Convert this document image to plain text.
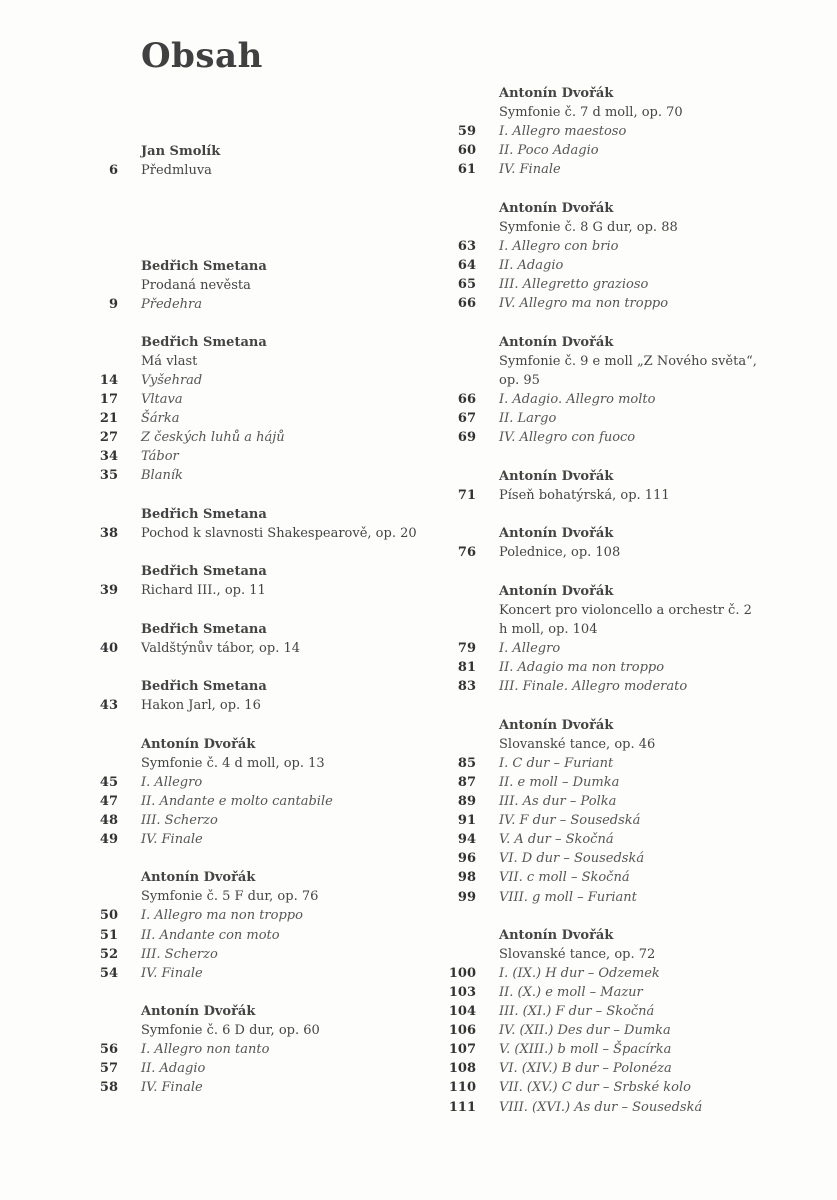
Obsah
Jan Smolík
6 Předmluva
Bedřich Smetana
Prodaná nevěsta
9 Předehra
Bedřich Smetana
Má vlast
14 Vyšehrad
17 Vltava
21 Šárka
27 Z českých luhů a hájů
34 Tábor
35 Blaník
Bedřich Smetana
38 Pochod k slavnosti Shakespearově, op. 20
Bedřich Smetana
39 Richard III., op. 11
Bedřich Smetana
40 Valdštýnův tábor, op. 14
Bedřich Smetana
43 Hakon Jarl, op. 16
Antonín Dvořák
Symfonie č. 4 d moll, op. 13
45 I. Allegro
47 II. Andante e molto cantabile
48 III. Scherzo
49 IV. Finale
Antonín Dvořák
Symfonie č. 5 F dur, op. 76
50 I. Allegro ma non troppo
51 II. Andante con moto
52 III. Scherzo
54 IV. Finale
Antonín Dvořák
Symfonie č. 6 D dur, op. 60
56 I. Allegro non tanto
57 II. Adagio
58 IV. Finale
Antonín Dvořák
Symfonie č. 7 d moll, op. 70
59 I. Allegro maestoso
60 II. Poco Adagio
61 IV. Finale
Antonín Dvořák
Symfonie č. 8 G dur, op. 88
63 I. Allegro con brio
64 II. Adagio
65 III. Allegretto grazioso
66 IV. Allegro ma non troppo
Antonín Dvořák
Symfonie č. 9 e moll „Z Nového světa“,
op. 95
66 I. Adagio. Allegro molto
67 II. Largo
69 IV. Allegro con fuoco
Antonín Dvořák
71 Píseň bohatýrská, op. 111
Antonín Dvořák
76 Polednice, op. 108
Antonín Dvořák
Koncert pro violoncello a orchestr č. 2
h moll, op. 104
79 I. Allegro
81 II. Adagio ma non troppo
83 III. Finale. Allegro moderato
Antonín Dvořák
Slovanské tance, op. 46
85 I. C dur – Furiant
87 II. e moll – Dumka
89 III. As dur – Polka
91 IV. F dur – Sousedská
94 V. A dur – Skočná
96 VI. D dur – Sousedská
98 VII. c moll – Skočná
99 VIII. g moll – Furiant
Antonín Dvořák
Slovanské tance, op. 72
100 I. (IX.) H dur – Odzemek
103 II. (X.) e moll – Mazur
104 III. (XI.) F dur – Skočná
106 IV. (XII.) Des dur – Dumka
107 V. (XIII.) b moll – Špacírka
108 VI. (XIV.) B dur – Polonéza
110 VII. (XV.) C dur – Srbské kolo
111 VIII. (XVI.) As dur – Sousedská
